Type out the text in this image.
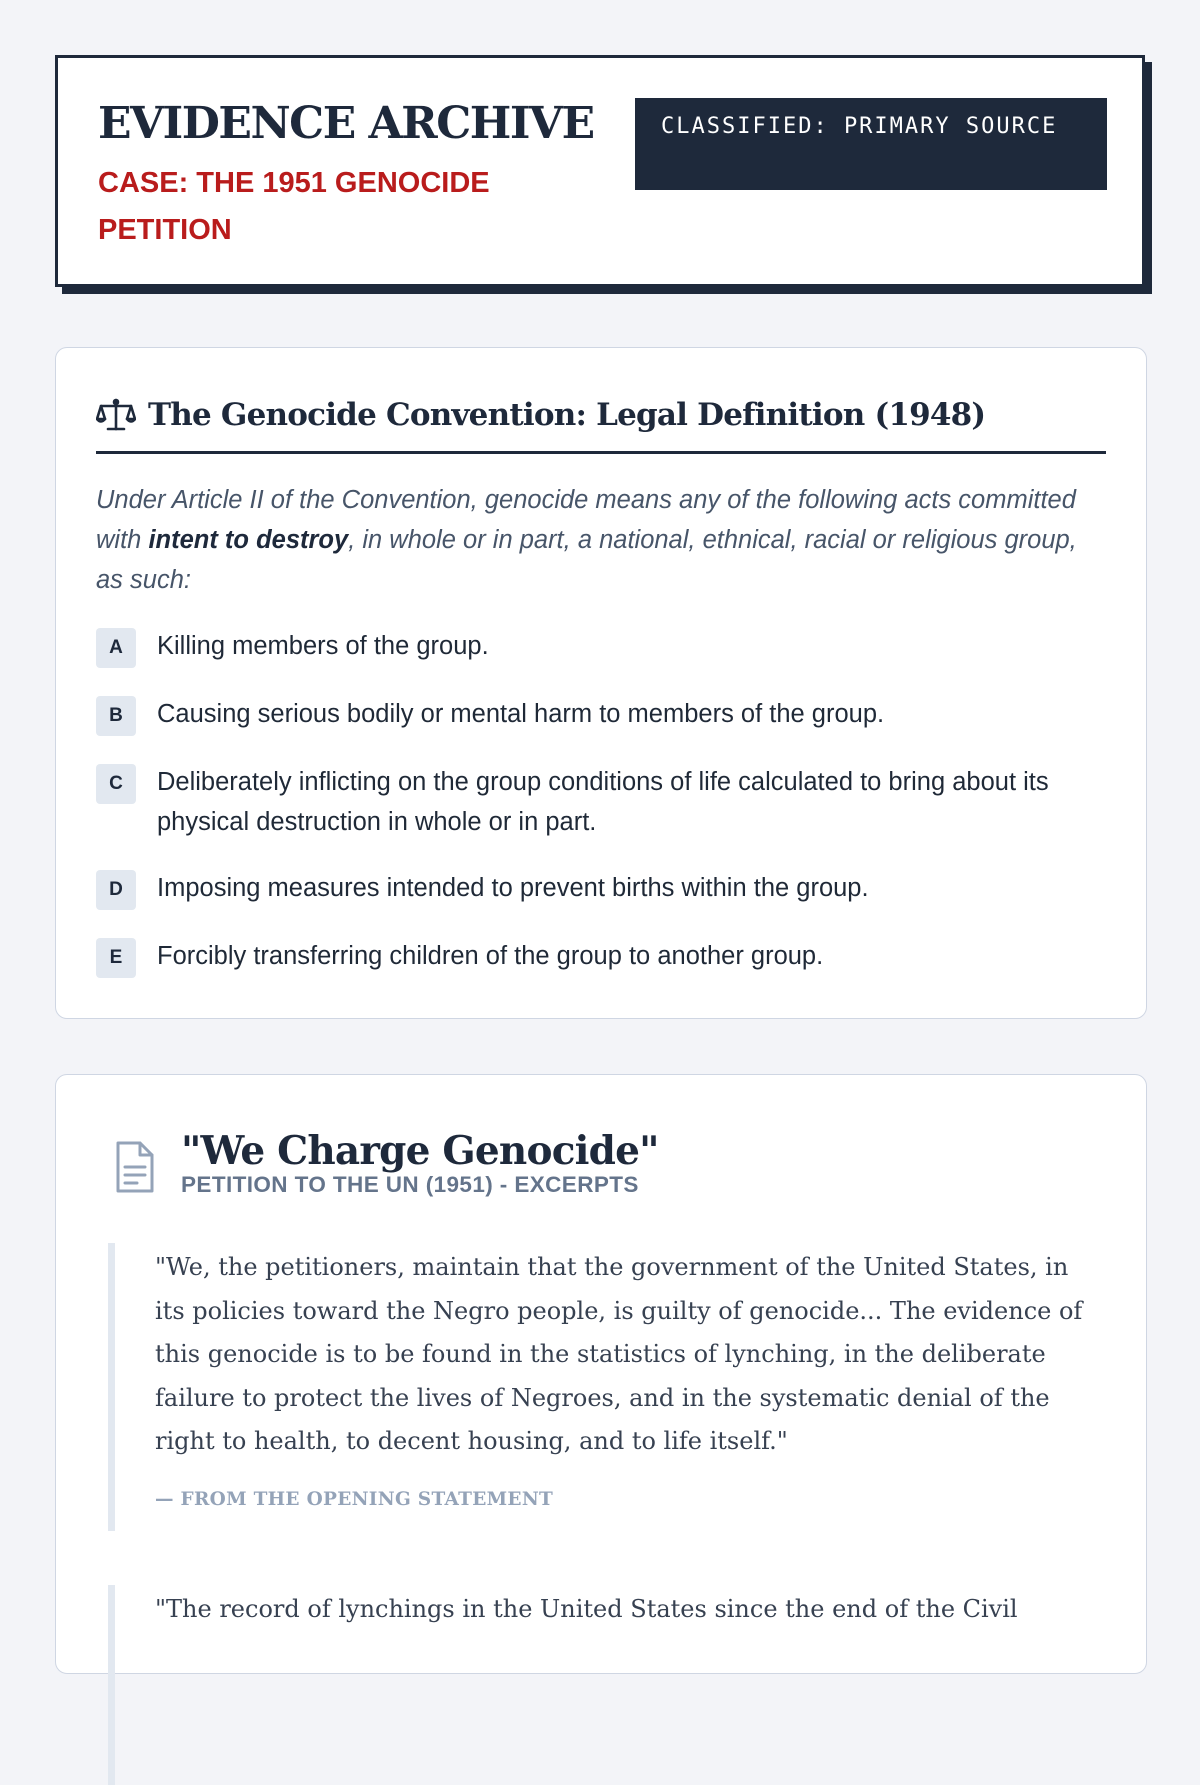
EVIDENCE ARCHIVE
CASE: THE 1951 GENOCIDE PETITION
CLASSIFIED: PRIMARY SOURCE
The Genocide Convention: Legal Definition (1948)

Under Article II of the Convention, genocide means any of the following acts committed with intent to destroy, in whole or in part, a national, ethnical, racial or religious group, as such:

A	Killing members of the group.
B	Causing serious bodily or mental harm to members of the group.
C	Deliberately inflicting on the group conditions of life calculated to bring about its physical destruction in whole or in part.
D	Imposing measures intended to prevent births within the group.
E	Forcibly transferring children of the group to another group.
"We Charge Genocide"

PETITION TO THE UN (1951) - EXCERPTS

"We, the petitioners, maintain that the government of the United States, in its policies toward the Negro people, is guilty of genocide... The evidence of this genocide is to be found in the statistics of lynching, in the deliberate failure to protect the lives of Negroes, and in the systematic denial of the right to health, to decent housing, and to life itself."

— FROM THE OPENING STATEMENT

"The record of lynchings in the United States since the end of the Civil
